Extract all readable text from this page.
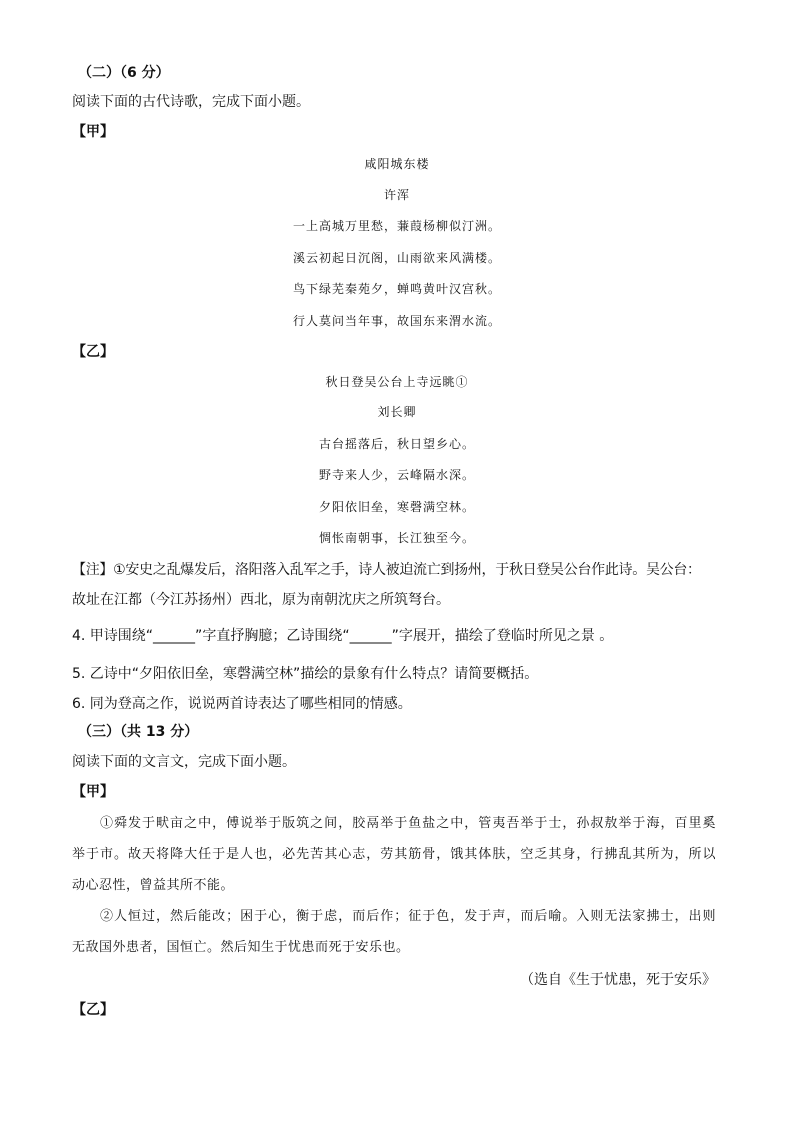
（二）（6 分）
阅读下面的古代诗歌，完成下面小题。
【甲】
咸阳城东楼
许浑
一上高城万里愁，蒹葭杨柳似汀洲。
溪云初起日沉阁，山雨欲来风满楼。
鸟下绿芜秦苑夕，蝉鸣黄叶汉宫秋。
行人莫问当年事，故国东来渭水流。
【乙】
秋日登吴公台上寺远眺①
刘长卿
古台摇落后，秋日望乡心。
野寺来人少，云峰隔水深。
夕阳依旧垒，寒磬满空林。
惆怅南朝事，长江独至今。
【注】①安史之乱爆发后，洛阳落入乱军之手，诗人被迫流亡到扬州，于秋日登吴公台作此诗。吴公台：
故址在江都（今江苏扬州）西北，原为南朝沈庆之所筑弩台。
4. 甲诗围绕“______”字直抒胸臆；乙诗围绕“______”字展开，描绘了登临时所见之景 。
5. 乙诗中“夕阳依旧垒，寒磬满空林”描绘的景象有什么特点？请简要概括。
6. 同为登高之作，说说两首诗表达了哪些相同的情感。
（三）（共 13 分）
阅读下面的文言文，完成下面小题。
【甲】
①舜发于畎亩之中，傅说举于版筑之间，胶鬲举于鱼盐之中，管夷吾举于士，孙叔敖举于海，百里奚
举于市。故天将降大任于是人也，必先苦其心志，劳其筋骨，饿其体肤，空乏其身，行拂乱其所为，所以
动心忍性，曾益其所不能。
②人恒过，然后能改；困于心，衡于虑，而后作；征于色，发于声，而后喻。入则无法家拂士，出则
无敌国外患者，国恒亡。然后知生于忧患而死于安乐也。
（选自《生于忧患，死于安乐》
【乙】
